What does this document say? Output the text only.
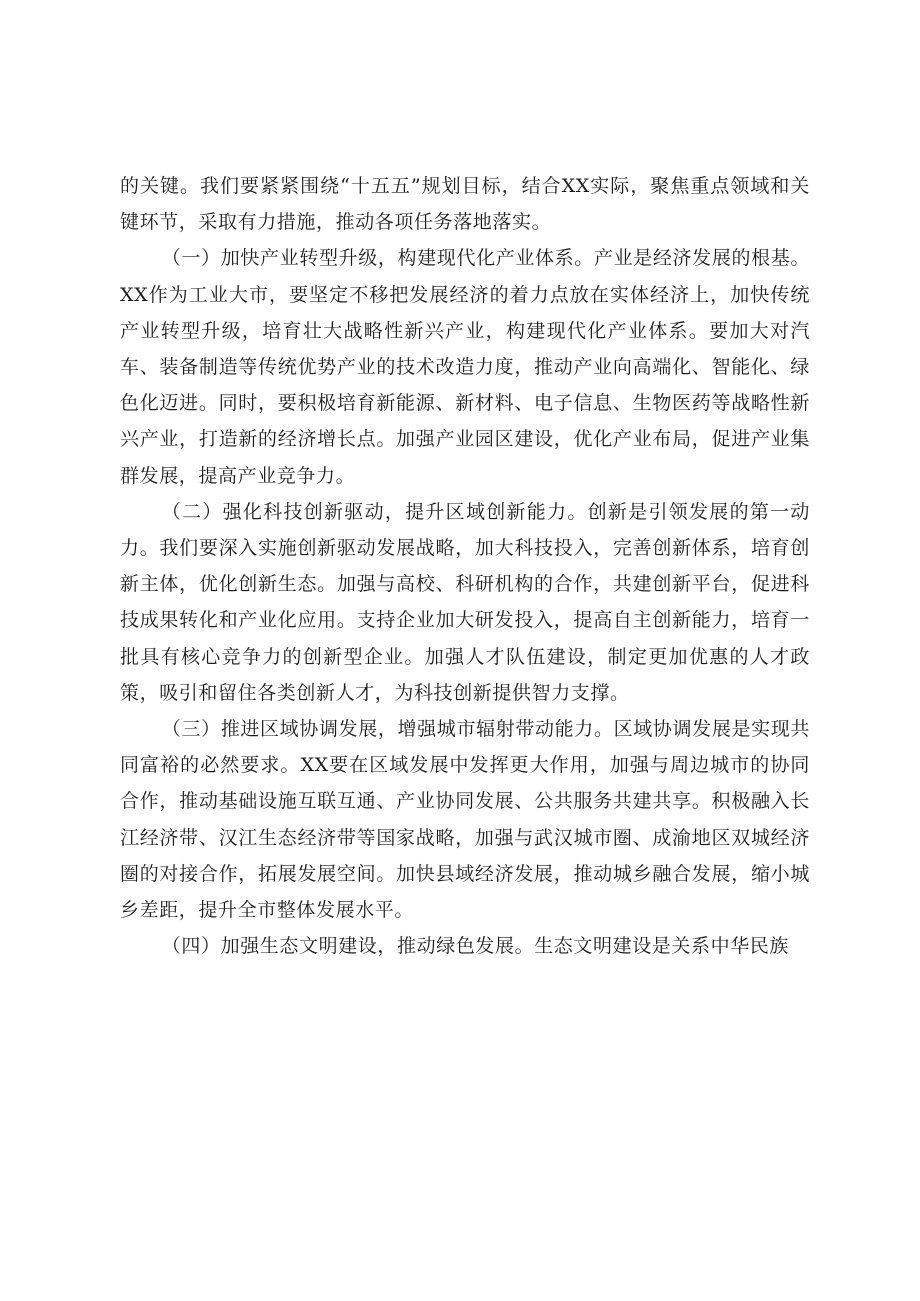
的关键。我们要紧紧围绕“十五五”规划目标，结合XX实际，聚焦重点领域和关键环节，采取有力措施，推动各项任务落地落实。

（一）加快产业转型升级，构建现代化产业体系。产业是经济发展的根基。XX作为工业大市，要坚定不移把发展经济的着力点放在实体经济上，加快传统产业转型升级，培育壮大战略性新兴产业，构建现代化产业体系。要加大对汽车、装备制造等传统优势产业的技术改造力度，推动产业向高端化、智能化、绿色化迈进。同时，要积极培育新能源、新材料、电子信息、生物医药等战略性新兴产业，打造新的经济增长点。加强产业园区建设，优化产业布局，促进产业集群发展，提高产业竞争力。

（二）强化科技创新驱动，提升区域创新能力。创新是引领发展的第一动力。我们要深入实施创新驱动发展战略，加大科技投入，完善创新体系，培育创新主体，优化创新生态。加强与高校、科研机构的合作，共建创新平台，促进科技成果转化和产业化应用。支持企业加大研发投入，提高自主创新能力，培育一批具有核心竞争力的创新型企业。加强人才队伍建设，制定更加优惠的人才政策，吸引和留住各类创新人才，为科技创新提供智力支撑。

（三）推进区域协调发展，增强城市辐射带动能力。区域协调发展是实现共同富裕的必然要求。XX要在区域发展中发挥更大作用，加强与周边城市的协同合作，推动基础设施互联互通、产业协同发展、公共服务共建共享。积极融入长江经济带、汉江生态经济带等国家战略，加强与武汉城市圈、成渝地区双城经济圈的对接合作，拓展发展空间。加快县域经济发展，推动城乡融合发展，缩小城乡差距，提升全市整体发展水平。

（四）加强生态文明建设，推动绿色发展。生态文明建设是关系中华民族
